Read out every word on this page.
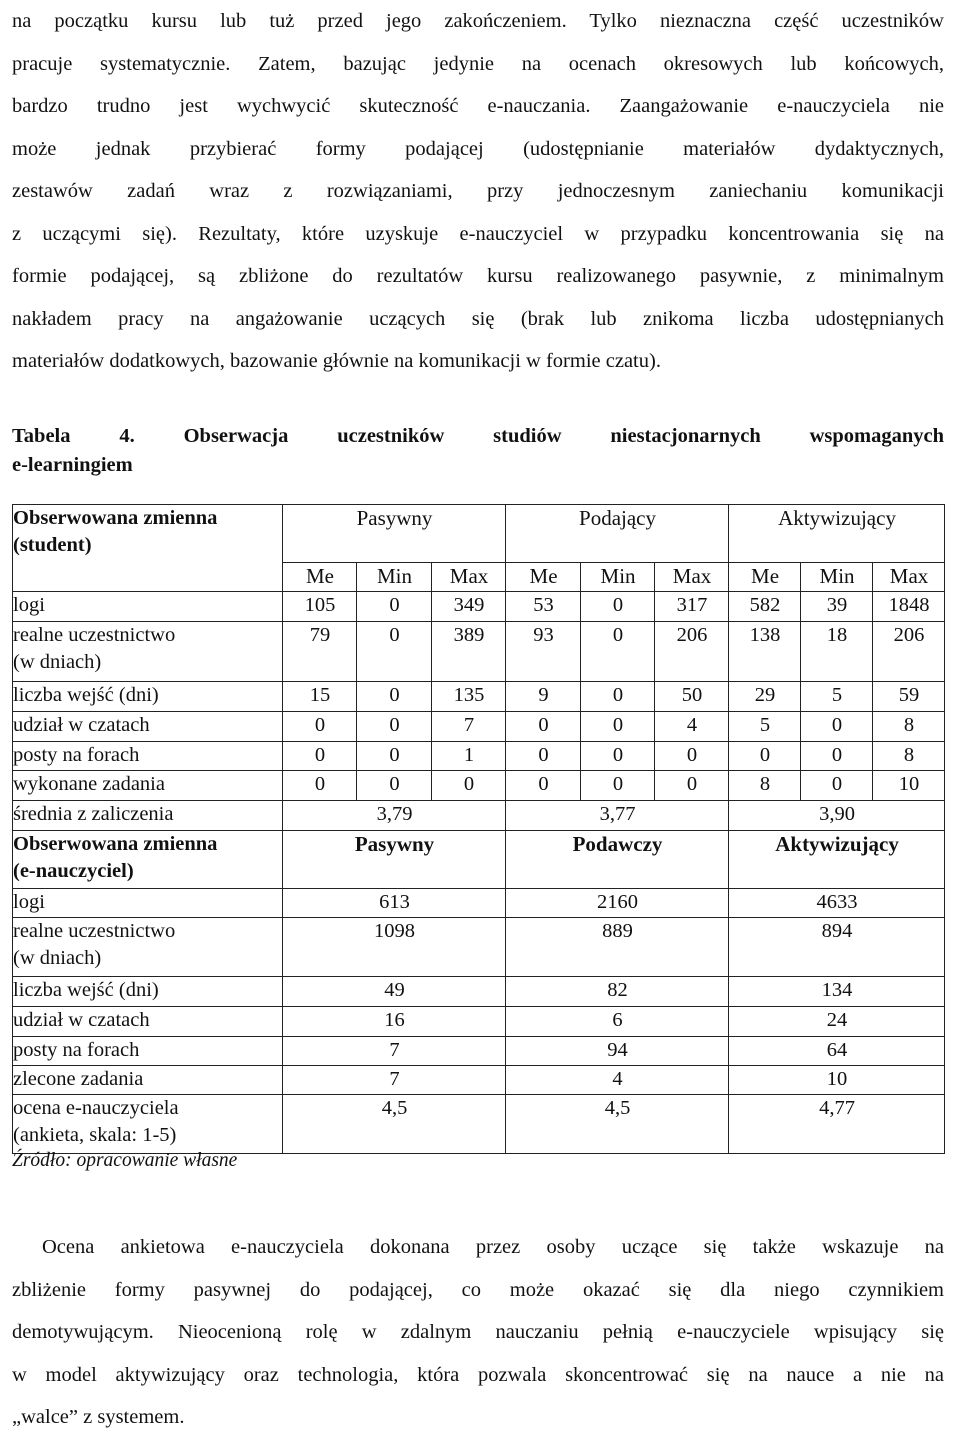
na początku kursu lub tuż przed jego zakończeniem. Tylko nieznaczna część uczestników

pracuje systematycznie. Zatem, bazując jedynie na ocenach okresowych lub końcowych,

bardzo trudno jest wychwycić skuteczność e-nauczania. Zaangażowanie e-nauczyciela nie

może jednak przybierać formy podającej (udostępnianie materiałów dydaktycznych,

zestawów zadań wraz z rozwiązaniami, przy jednoczesnym zaniechaniu komunikacji

z uczącymi się). Rezultaty, które uzyskuje e-nauczyciel w przypadku koncentrowania się na

formie podającej, są zbliżone do rezultatów kursu realizowanego pasywnie, z minimalnym

nakładem pracy na angażowanie uczących się (brak lub znikoma liczba udostępnianych

materiałów dodatkowych, bazowanie głównie na komunikacji w formie czatu).

Tabela 4. Obserwacja uczestników studiów niestacjonarnych wspomaganych
e-learningiem
Obserwowana zmienna
(student)	Pasywny			Podający			Aktywizujący		
	Me	Min	Max	Me	Min	Max	Me	Min	Max
logi	105	0	349	53	0	317	582	39	1848
realne uczestnictwo
(w dniach)	79	0	389	93	0	206	138	18	206
liczba wejść (dni)	15	0	135	9	0	50	29	5	59
udział w czatach	0	0	7	0	0	4	5	0	8
posty na forach	0	0	1	0	0	0	0	0	8
wykonane zadania	0	0	0	0	0	0	8	0	10
średnia z zaliczenia	3,79			3,77			3,90		
Obserwowana zmienna
(e-nauczyciel)	Pasywny			Podawczy			Aktywizujący		
logi	613			2160			4633		
realne uczestnictwo
(w dniach)	1098			889			894		
liczba wejść (dni)	49			82			134		
udział w czatach	16			6			24		
posty na forach	7			94			64		
zlecone zadania	7			4			10		
ocena e-nauczyciela
(ankieta, skala: 1-5)	4,5			4,5			4,77		
Źródło: opracowanie własne

Ocena ankietowa e-nauczyciela dokonana przez osoby uczące się także wskazuje na

zbliżenie formy pasywnej do podającej, co może okazać się dla niego czynnikiem

demotywującym. Nieocenioną rolę w zdalnym nauczaniu pełnią e-nauczyciele wpisujący się

w model aktywizujący oraz technologia, która pozwala skoncentrować się na nauce a nie na

„walce” z systemem.
